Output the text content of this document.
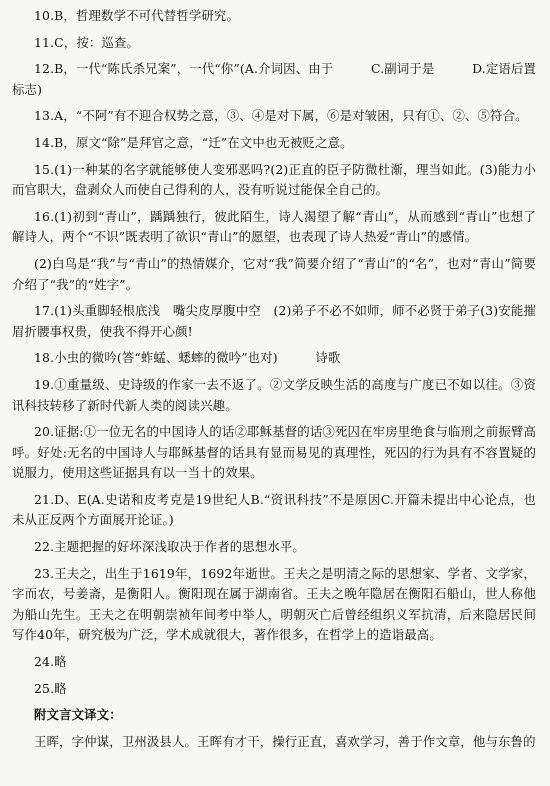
10.B，哲理数学不可代替哲学研究。

11.C，按：巡查。

12.B，一代“陈氏杀兄案”，一代“你”(A.介词因、由于　　　C.副词于是　　　D.定语后置标志)

13.A，“不阿”有不迎合权势之意，③、④是对下属，⑥是对皱困，只有①、②、⑤符合。

14.B，原文“除”是拜官之意，“迁”在文中也无被贬之意。

15.(1)一种某的名字就能够使人变邪恶吗?(2)正直的臣子防微杜渐，理当如此。(3)能力小而官职大，盘剥众人而使自己得利的人，没有听说过能保全自己的。

16.(1)初到“青山”，踽踽独行，彼此陌生，诗人渴望了解“青山”，从而感到“青山”也想了解诗人，两个“不识”既表明了欲识“青山”的愿望，也表现了诗人热爱“青山”的感情。

(2)白鸟是“我”与“青山”的热情媒介，它对“我”简要介绍了“青山”的“名”，也对“青山”简要介绍了“我”的“姓字”。

17.(1)头重脚轻根底浅　嘴尖皮厚腹中空　(2)弟子不必不如师，师不必贤于弟子(3)安能摧眉折腰事权贵，使我不得开心颜!

18.小虫的微吟(答“蚱蜢、蟋蟀的微吟”也对)　　　诗歌

19.①重量级、史诗级的作家一去不返了。②文学反映生活的高度与广度已不如以往。③资讯科技转移了新时代新人类的阅读兴趣。

20.证据:①一位无名的中国诗人的话②耶稣基督的话③死囚在牢房里绝食与临刑之前振臂高呼。好处:无名的中国诗人与耶稣基督的话具有显而易见的真理性，死囚的行为具有不容置疑的说服力，使用这些证据具有以一当十的效果。

21.D、E(A.史诺和皮考克是19世纪人B.“资讯科技”不是原因C.开篇未提出中心论点，也未从正反两个方面展开论证。)

22.主题把握的好坏深浅取决于作者的思想水平。

23.王夫之，出生于1619年，1692年逝世。王夫之是明清之际的思想家、学者、文学家，字而农，号姜斋，是衡阳人。衡阳现在属于湖南省。王夫之晚年隐居在衡阳石船山，世人称他为船山先生。王夫之在明朝崇祯年间考中举人，明朝灭亡后曾经组织义军抗清，后来隐居民间写作40年，研究极为广泛，学术成就很大，著作很多，在哲学上的造诣最高。

24.略

25.略

附文言文译文：

王晖，字仲谋，卫州汲县人。王晖有才干，操行正直，喜欢学习，善于作文章，他与东鲁的
